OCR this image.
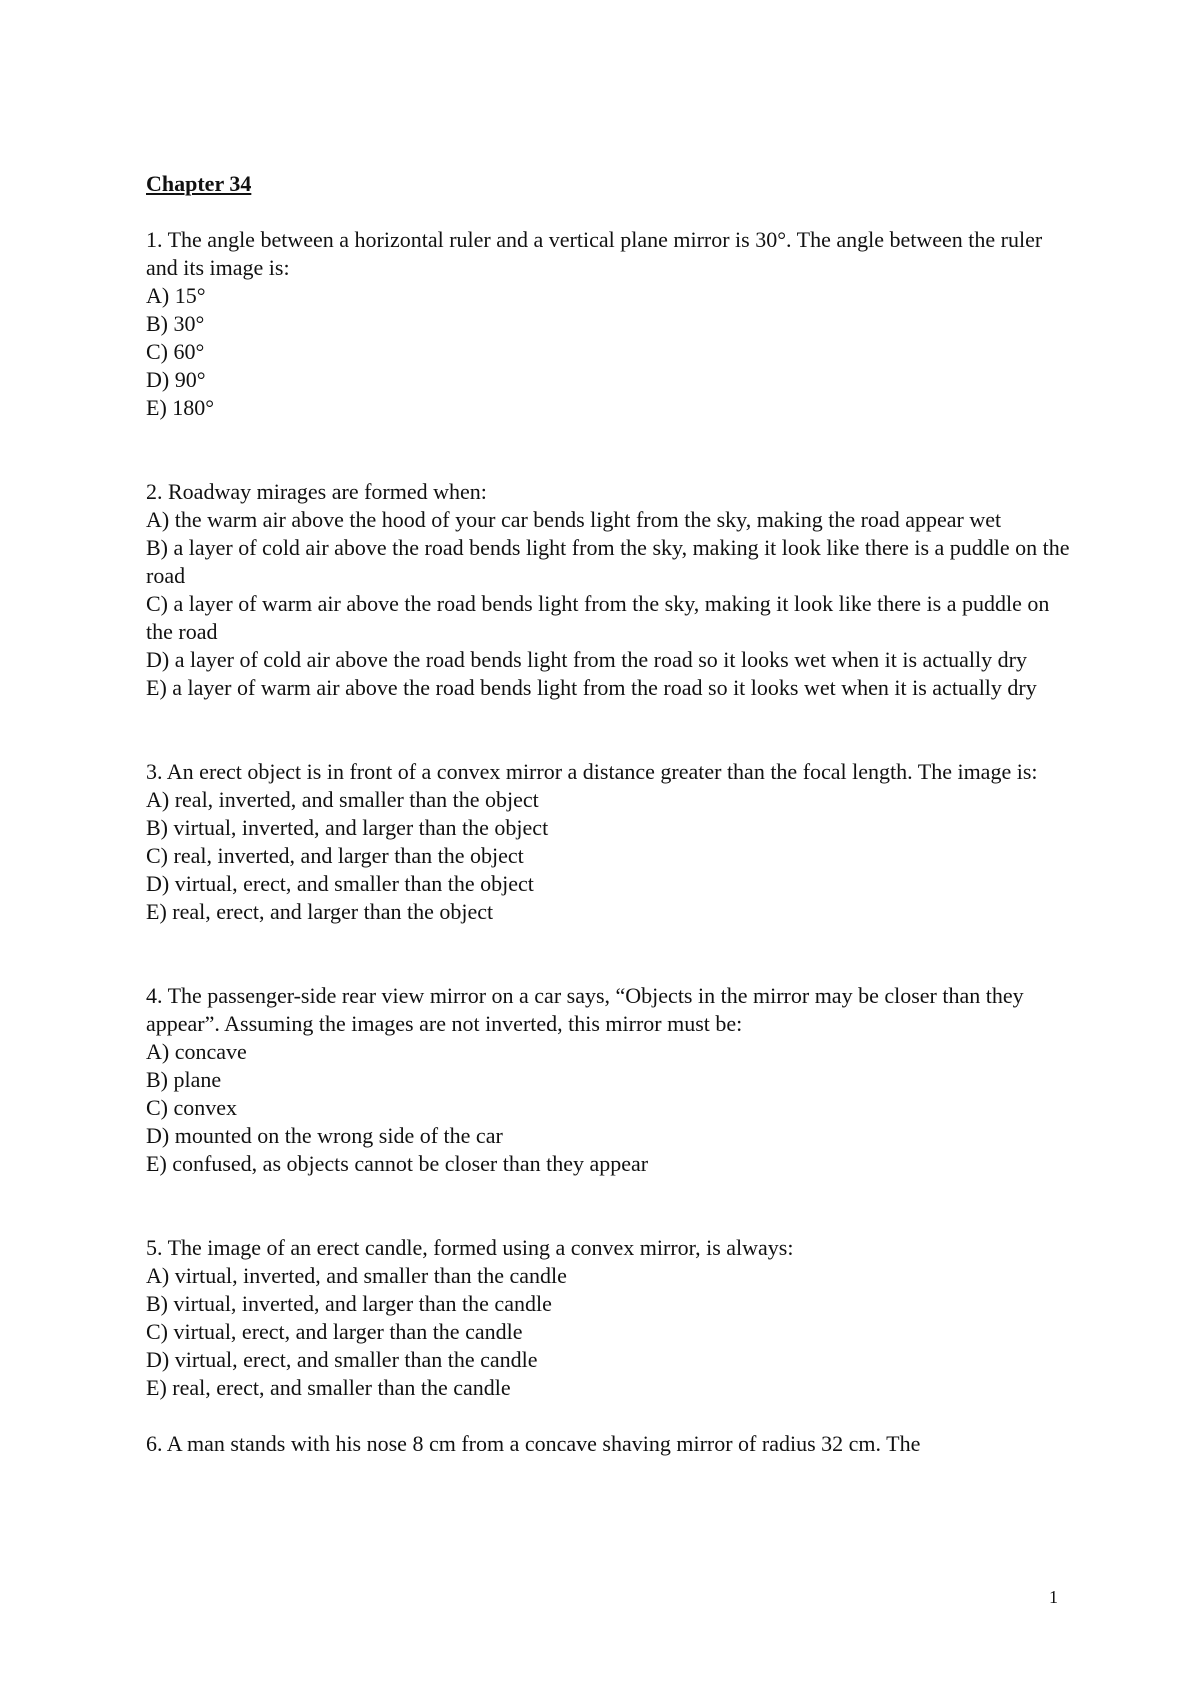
Chapter 34

1. The angle between a horizontal ruler and a vertical plane mirror is 30°. The angle between the ruler and its image is:

A) 15°
B) 30°
C) 60°
D) 90°
E) 180°

2. Roadway mirages are formed when:

A) the warm air above the hood of your car bends light from the sky, making the road appear wet
B) a layer of cold air above the road bends light from the sky, making it look like there is a puddle on the road
C) a layer of warm air above the road bends light from the sky, making it look like there is a puddle on the road
D) a layer of cold air above the road bends light from the road so it looks wet when it is actually dry
E) a layer of warm air above the road bends light from the road so it looks wet when it is actually dry

3. An erect object is in front of a convex mirror a distance greater than the focal length. The image is:

A) real, inverted, and smaller than the object
B) virtual, inverted, and larger than the object
C) real, inverted, and larger than the object
D) virtual, erect, and smaller than the object
E) real, erect, and larger than the object

4. The passenger-side rear view mirror on a car says, “Objects in the mirror may be closer than they appear”. Assuming the images are not inverted, this mirror must be:

A) concave
B) plane
C) convex
D) mounted on the wrong side of the car
E) confused, as objects cannot be closer than they appear

5. The image of an erect candle, formed using a convex mirror, is always:

A) virtual, inverted, and smaller than the candle
B) virtual, inverted, and larger than the candle
C) virtual, erect, and larger than the candle
D) virtual, erect, and smaller than the candle
E) real, erect, and smaller than the candle

6. A man stands with his nose 8 cm from a concave shaving mirror of radius 32 cm. The

1
